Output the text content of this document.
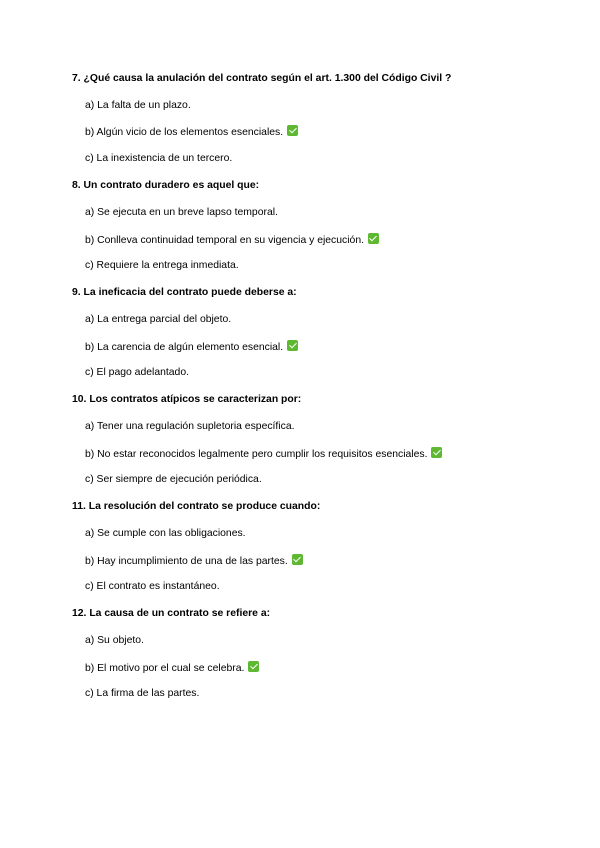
7. ¿Qué causa la anulación del contrato según el art. 1.300 del Código Civil ?
a) La falta de un plazo.
b) Algún vicio de los elementos esenciales.
c) La inexistencia de un tercero.
8. Un contrato duradero es aquel que:
a) Se ejecuta en un breve lapso temporal.
b) Conlleva continuidad temporal en su vigencia y ejecución.
c) Requiere la entrega inmediata.
9. La ineficacia del contrato puede deberse a:
a) La entrega parcial del objeto.
b) La carencia de algún elemento esencial.
c) El pago adelantado.
10. Los contratos atípicos se caracterizan por:
a) Tener una regulación supletoria específica.
b) No estar reconocidos legalmente pero cumplir los requisitos esenciales.
c) Ser siempre de ejecución periódica.
11. La resolución del contrato se produce cuando:
a) Se cumple con las obligaciones.
b) Hay incumplimiento de una de las partes.
c) El contrato es instantáneo.
12. La causa de un contrato se refiere a:
a) Su objeto.
b) El motivo por el cual se celebra.
c) La firma de las partes.
